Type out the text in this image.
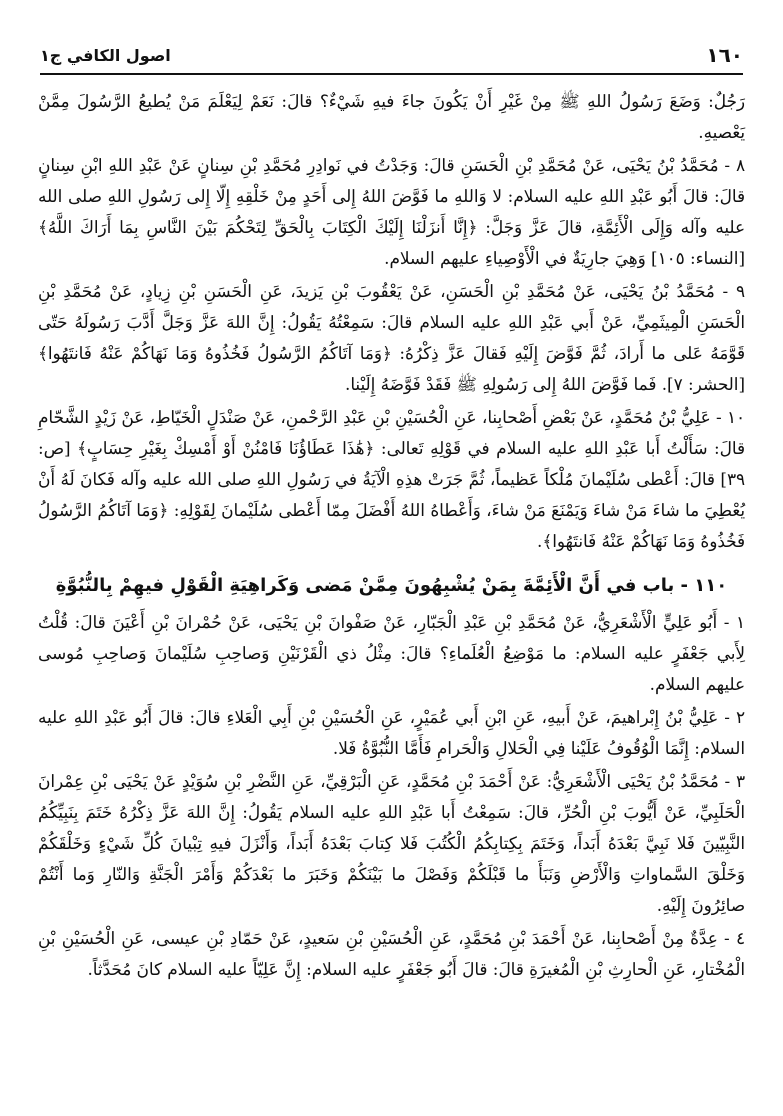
١٦٠
اصول الكافي ج١

رَجُلٌ: وَضَعَ رَسُولُ اللهِ ﷺ مِنْ غَيْرِ أَنْ يَكُونَ جاءَ فيهِ شَيْءٌ؟ قالَ: نَعَمْ لِيَعْلَمَ مَنْ يُطيعُ الرَّسُولَ مِمَّنْ يَعْصيهِ.

٨ - مُحَمَّدُ بْنُ يَحْيَى، عَنْ مُحَمَّدِ بْنِ الْحَسَنِ قالَ: وَجَدْتُ في نَوادِرِ مُحَمَّدِ بْنِ سِنانٍ عَنْ عَبْدِ اللهِ ابْنِ سِنانٍ قالَ: قالَ أَبُو عَبْدِ اللهِ عليه السلام: لا وَاللهِ ما فَوَّضَ اللهُ إِلى أَحَدٍ مِنْ خَلْقِهِ إِلّا إِلى رَسُولِ اللهِ صلى الله عليه وآله وَإِلَى الْأَئِمَّةِ، قالَ عَزَّ وَجَلَّ: ﴿إِنَّا أَنزَلْنَا إِلَيْكَ الْكِتَابَ بِالْحَقِّ لِتَحْكُمَ بَيْنَ النَّاسِ بِمَا أَرَاكَ اللَّهُ﴾ [النساء: ١٠٥] وَهِيَ جارِيَةٌ في الْأَوْصِياءِ عليهم السلام.

٩ - مُحَمَّدُ بْنُ يَحْيَى، عَنْ مُحَمَّدِ بْنِ الْحَسَنِ، عَنْ يَعْقُوبَ بْنِ يَزيدَ، عَنِ الْحَسَنِ بْنِ زِيادٍ، عَنْ مُحَمَّدِ بْنِ الْحَسَنِ الْمِيثَمِيِّ، عَنْ أَبي عَبْدِ اللهِ عليه السلام قالَ: سَمِعْتُهُ يَقُولُ: إِنَّ اللهَ عَزَّ وَجَلَّ أَدَّبَ رَسُولَهُ حَتّى قَوَّمَهُ عَلى ما أَرادَ، ثُمَّ فَوَّضَ إِلَيْهِ فَقالَ عَزَّ ذِكْرُهُ: ﴿وَمَا آتَاكُمُ الرَّسُولُ فَخُذُوهُ وَمَا نَهَاكُمْ عَنْهُ فَانتَهُوا﴾ [الحشر: ٧]. فَما فَوَّضَ اللهُ إِلى رَسُولِهِ ﷺ فَقَدْ فَوَّضَهُ إِلَيْنا.

١٠ - عَلِيُّ بْنُ مُحَمَّدٍ، عَنْ بَعْضِ أَصْحابِنا، عَنِ الْحُسَيْنِ بْنِ عَبْدِ الرَّحْمنِ، عَنْ صَنْدَلٍ الْخَيّاطِ، عَنْ زَيْدٍ الشَّحّامِ قالَ: سَأَلْتُ أَبا عَبْدِ اللهِ عليه السلام في قَوْلِهِ تَعالى: ﴿هَٰذَا عَطَاؤُنَا فَامْنُنْ أَوْ أَمْسِكْ بِغَيْرِ حِسَابٍ﴾ [ص: ٣٩] قالَ: أَعْطى سُلَيْمانَ مُلْكاً عَظيماً، ثُمَّ جَرَتْ هذِهِ الْآيَةُ في رَسُولِ اللهِ صلى الله عليه وآله فَكانَ لَهُ أَنْ يُعْطِيَ ما شاءَ مَنْ شاءَ وَيَمْنَعَ مَنْ شاءَ، وَأَعْطاهُ اللهُ أَفْضَلَ مِمّا أَعْطى سُلَيْمانَ لِقَوْلِهِ: ﴿وَمَا آتَاكُمُ الرَّسُولُ فَخُذُوهُ وَمَا نَهَاكُمْ عَنْهُ فَانتَهُوا﴾.

١١٠ - باب في أَنَّ الْأَئِمَّةَ بِمَنْ يُشْبِهُونَ مِمَّنْ مَضى وَكَراهِيَةِ الْقَوْلِ فيهِمْ بِالنُّبُوَّةِ

١ - أَبُو عَلِيٍّ الْأَشْعَرِيُّ، عَنْ مُحَمَّدِ بْنِ عَبْدِ الْجَبّارِ، عَنْ صَفْوانَ بْنِ يَحْيَى، عَنْ حُمْرانَ بْنِ أَعْيَنَ قالَ: قُلْتُ لِأَبي جَعْفَرٍ عليه السلام: ما مَوْضِعُ الْعُلَماءِ؟ قالَ: مِثْلُ ذي الْقَرْنَيْنِ وَصاحِبِ سُلَيْمانَ وَصاحِبِ مُوسى عليهم السلام.

٢ - عَلِيُّ بْنُ إِبْراهيمَ، عَنْ أَبيهِ، عَنِ ابْنِ أَبي عُمَيْرٍ، عَنِ الْحُسَيْنِ بْنِ أَبِي الْعَلاءِ قالَ: قالَ أَبُو عَبْدِ اللهِ عليه السلام: إِنَّمَا الْوُقُوفُ عَلَيْنا فِي الْحَلالِ وَالْحَرامِ فَأَمَّا النُّبُوَّةُ فَلا.

٣ - مُحَمَّدُ بْنُ يَحْيَى الْأَشْعَرِيُّ: عَنْ أَحْمَدَ بْنِ مُحَمَّدٍ، عَنِ الْبَرْقِيِّ، عَنِ النَّضْرِ بْنِ سُوَيْدٍ عَنْ يَحْيَى بْنِ عِمْرانَ الْحَلَبِيِّ، عَنْ أَيُّوبَ بْنِ الْحُرِّ، قالَ: سَمِعْتُ أَبا عَبْدِ اللهِ عليه السلام يَقُولُ: إِنَّ اللهَ عَزَّ ذِكْرُهُ خَتَمَ بِنَبِيِّكُمُ النَّبِيّينَ فَلا نَبِيَّ بَعْدَهُ أَبَداً، وَخَتَمَ بِكِتابِكُمُ الْكُتُبَ فَلا كِتابَ بَعْدَهُ أَبَداً، وَأَنْزَلَ فيهِ تِبْيانَ كُلِّ شَيْءٍ وَخَلْقَكُمْ وَخَلْقَ السَّماواتِ وَالْأَرْضِ وَنَبَأَ ما قَبْلَكُمْ وَفَصْلَ ما بَيْنَكُمْ وَخَبَرَ ما بَعْدَكُمْ وَأَمْرَ الْجَنَّةِ وَالنّارِ وَما أَنْتُمْ صائِرُونَ إِلَيْهِ.

٤ - عِدَّةٌ مِنْ أَصْحابِنا، عَنْ أَحْمَدَ بْنِ مُحَمَّدٍ، عَنِ الْحُسَيْنِ بْنِ سَعيدٍ، عَنْ حَمّادِ بْنِ عيسى، عَنِ الْحُسَيْنِ بْنِ الْمُخْتارِ، عَنِ الْحارِثِ بْنِ الْمُغيرَةِ قالَ: قالَ أَبُو جَعْفَرٍ عليه السلام: إِنَّ عَلِيّاً عليه السلام كانَ مُحَدَّثاً.
